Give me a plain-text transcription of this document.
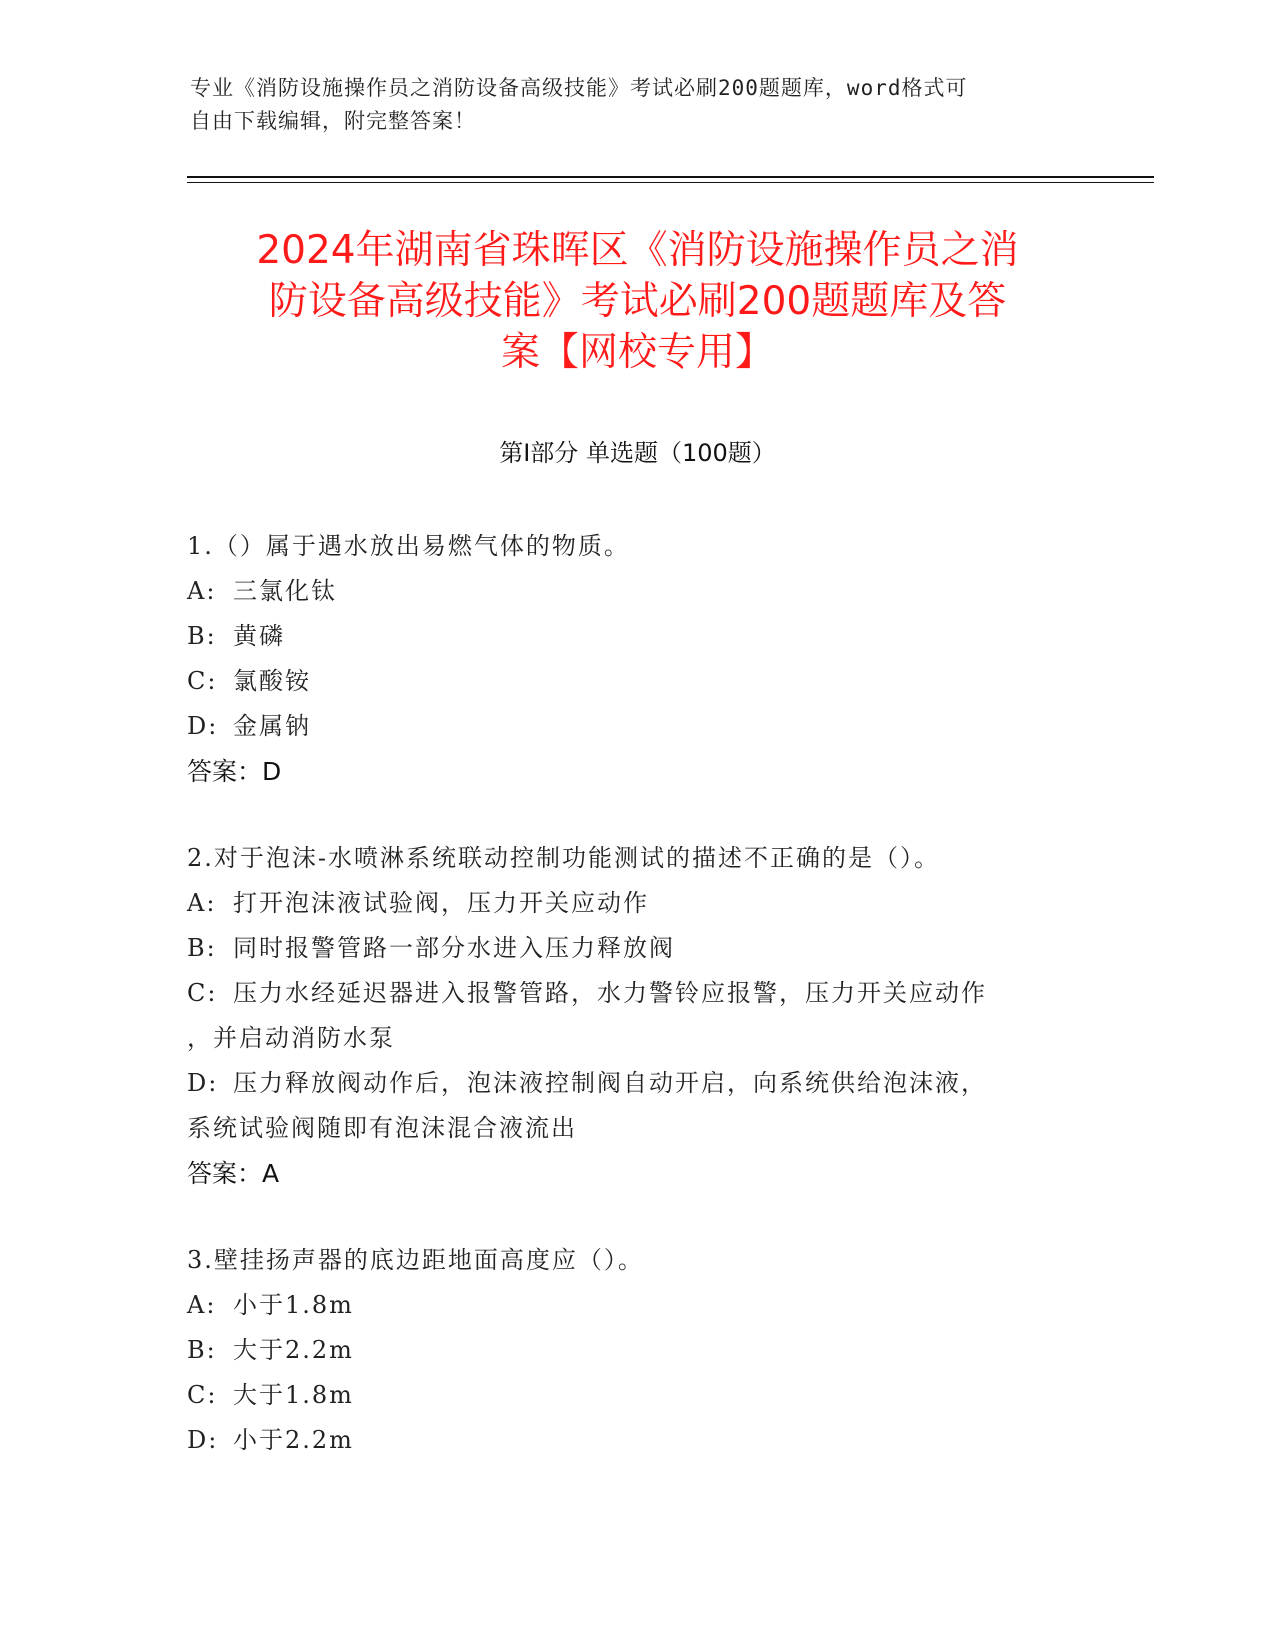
专业《消防设施操作员之消防设备高级技能》考试必刷200题题库，word格式可
自由下载编辑，附完整答案！
2024年湖南省珠晖区《消防设施操作员之消
防设备高级技能》考试必刷200题题库及答
案【网校专用】
第Ⅰ部分 单选题（100题）

1.（）属于遇水放出易燃气体的物质。

A: 三氯化钛

B: 黄磷

C: 氯酸铵

D: 金属钠

答案：D

2.对于泡沫-水喷淋系统联动控制功能测试的描述不正确的是（）。

A: 打开泡沫液试验阀，压力开关应动作

B: 同时报警管路一部分水进入压力释放阀

C: 压力水经延迟器进入报警管路，水力警铃应报警，压力开关应动作

，并启动消防水泵

D: 压力释放阀动作后，泡沫液控制阀自动开启，向系统供给泡沫液，

系统试验阀随即有泡沫混合液流出

答案：A

3.壁挂扬声器的底边距地面高度应（）。

A: 小于1.8m

B: 大于2.2m

C: 大于1.8m

D: 小于2.2m
